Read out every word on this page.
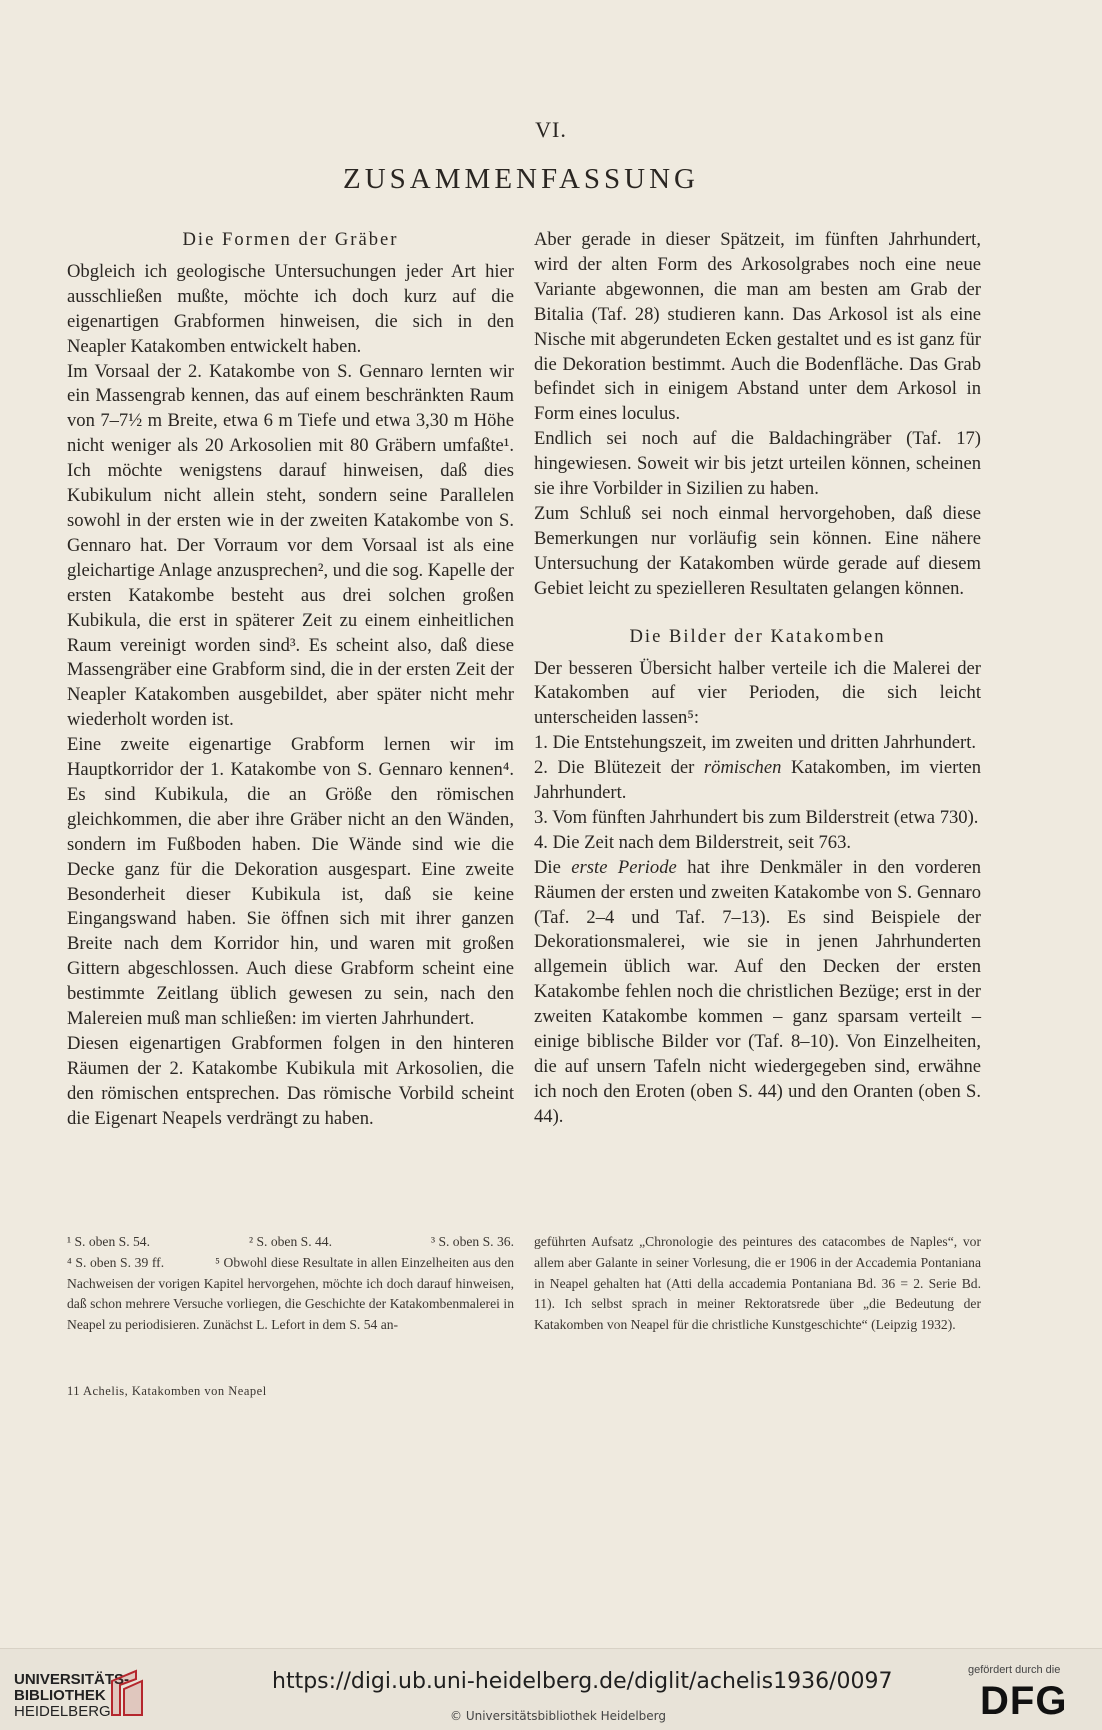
VI.
ZUSAMMENFASSUNG
Die Formen der Gräber

Obgleich ich geologische Untersuchungen jeder Art hier ausschließen mußte, möchte ich doch kurz auf die eigenartigen Grabformen hinweisen, die sich in den Neapler Katakomben entwickelt haben.

Im Vorsaal der 2. Katakombe von S. Gennaro lernten wir ein Massengrab kennen, das auf einem beschränkten Raum von 7–7½ m Breite, etwa 6 m Tiefe und etwa 3,30 m Höhe nicht weniger als 20 Arkosolien mit 80 Gräbern umfaßte¹. Ich möchte wenigstens darauf hinweisen, daß dies Kubikulum nicht allein steht, sondern seine Parallelen sowohl in der ersten wie in der zweiten Katakombe von S. Gennaro hat. Der Vorraum vor dem Vorsaal ist als eine gleichartige Anlage anzusprechen², und die sog. Kapelle der ersten Katakombe besteht aus drei solchen großen Kubikula, die erst in späterer Zeit zu einem einheitlichen Raum vereinigt worden sind³. Es scheint also, daß diese Massengräber eine Grabform sind, die in der ersten Zeit der Neapler Katakomben ausgebildet, aber später nicht mehr wiederholt worden ist.

Eine zweite eigenartige Grabform lernen wir im Hauptkorridor der 1. Katakombe von S. Gennaro kennen⁴. Es sind Kubikula, die an Größe den römischen gleichkommen, die aber ihre Gräber nicht an den Wänden, sondern im Fußboden haben. Die Wände sind wie die Decke ganz für die Dekoration ausgespart. Eine zweite Besonderheit dieser Kubikula ist, daß sie keine Eingangswand haben. Sie öffnen sich mit ihrer ganzen Breite nach dem Korridor hin, und waren mit großen Gittern abgeschlossen. Auch diese Grabform scheint eine bestimmte Zeitlang üblich gewesen zu sein, nach den Malereien muß man schließen: im vierten Jahrhundert.

Diesen eigenartigen Grabformen folgen in den hinteren Räumen der 2. Katakombe Kubikula mit Arkosolien, die den römischen entsprechen. Das römische Vorbild scheint die Eigenart Neapels verdrängt zu haben.

Aber gerade in dieser Spätzeit, im fünften Jahrhundert, wird der alten Form des Arkosolgrabes noch eine neue Variante abgewonnen, die man am besten am Grab der Bitalia (Taf. 28) studieren kann. Das Arkosol ist als eine Nische mit abgerundeten Ecken gestaltet und es ist ganz für die Dekoration bestimmt. Auch die Bodenfläche. Das Grab befindet sich in einigem Abstand unter dem Arkosol in Form eines loculus.

Endlich sei noch auf die Baldachingräber (Taf. 17) hingewiesen. Soweit wir bis jetzt urteilen können, scheinen sie ihre Vorbilder in Sizilien zu haben.

Zum Schluß sei noch einmal hervorgehoben, daß diese Bemerkungen nur vorläufig sein können. Eine nähere Untersuchung der Katakomben würde gerade auf diesem Gebiet leicht zu spezielleren Resultaten gelangen können.

Die Bilder der Katakomben

Der besseren Übersicht halber verteile ich die Malerei der Katakomben auf vier Perioden, die sich leicht unterscheiden lassen⁵:

1. Die Entstehungszeit, im zweiten und dritten Jahrhundert.

2. Die Blütezeit der römischen Katakomben, im vierten Jahrhundert.

3. Vom fünften Jahrhundert bis zum Bilderstreit (etwa 730).

4. Die Zeit nach dem Bilderstreit, seit 763.

Die erste Periode hat ihre Denkmäler in den vorderen Räumen der ersten und zweiten Katakombe von S. Gennaro (Taf. 2–4 und Taf. 7–13). Es sind Beispiele der Dekorationsmalerei, wie sie in jenen Jahrhunderten allgemein üblich war. Auf den Decken der ersten Katakombe fehlen noch die christlichen Bezüge; erst in der zweiten Katakombe kommen – ganz sparsam verteilt – einige biblische Bilder vor (Taf. 8–10). Von Einzelheiten, die auf unsern Tafeln nicht wiedergegeben sind, erwähne ich noch den Eroten (oben S. 44) und den Oranten (oben S. 44).

¹ S. oben S. 54.	² S. oben S. 44.	³ S. oben S. 36.

⁴ S. oben S. 39 ff.	⁵ Obwohl diese Resultate in allen Einzelheiten aus den Nachweisen der vorigen Kapitel hervorgehen, möchte ich doch darauf hinweisen, daß schon mehrere Versuche vorliegen, die Geschichte der Katakombenmalerei in Neapel zu periodisieren. Zunächst L. Lefort in dem S. 54 an-

geführten Aufsatz „Chronologie des peintures des catacombes de Naples“, vor allem aber Galante in seiner Vorlesung, die er 1906 in der Accademia Pontaniana in Neapel gehalten hat (Atti della accademia Pontaniana Bd. 36 = 2. Serie Bd. 11). Ich selbst sprach in meiner Rektoratsrede über „die Bedeutung der Katakomben von Neapel für die christliche Kunstgeschichte“ (Leipzig 1932).

11 Achelis, Katakomben von Neapel
UNIVERSITÄTS-
BIBLIOTHEK
HEIDELBERG
https://digi.ub.uni-heidelberg.de/diglit/achelis1936/0097
© Universitätsbibliothek Heidelberg
gefördert durch die
DFG
